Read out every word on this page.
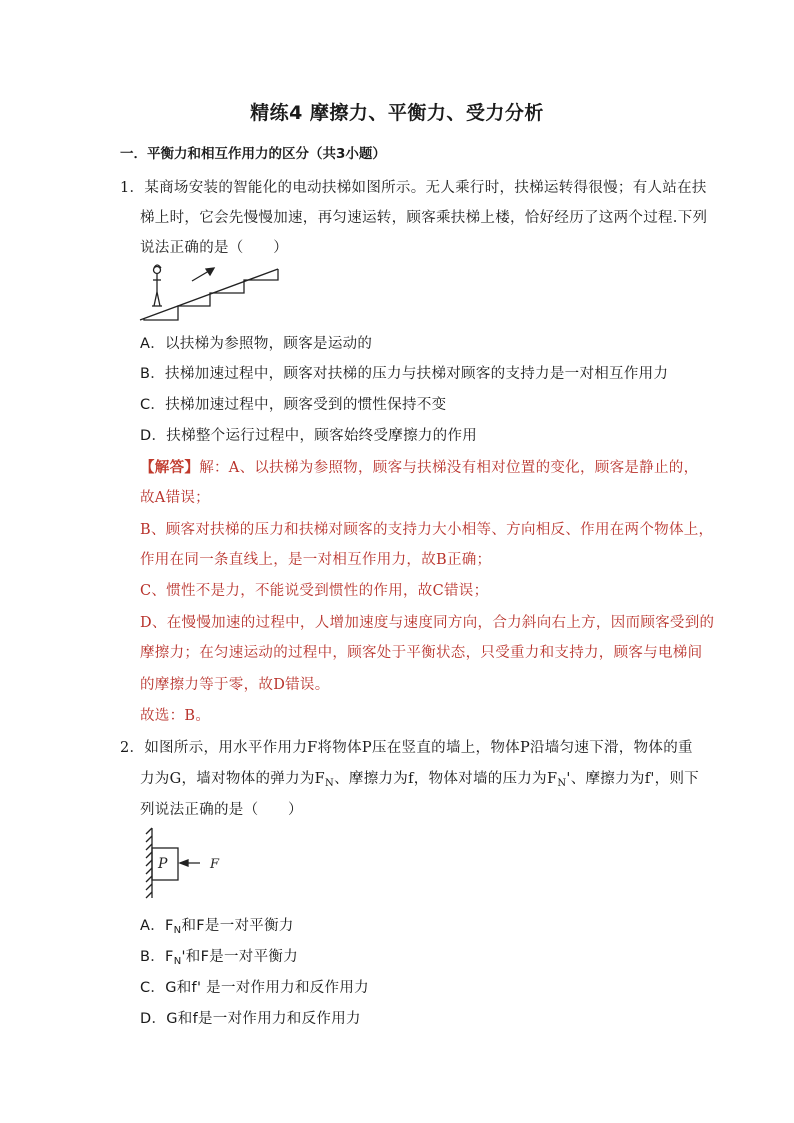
精练4 摩擦力、平衡力、受力分析
一．平衡力和相互作用力的区分（共3小题）
1．某商场安装的智能化的电动扶梯如图所示。无人乘行时，扶梯运转得很慢；有人站在扶
梯上时，它会先慢慢加速，再匀速运转，顾客乘扶梯上楼，恰好经历了这两个过程.下列
说法正确的是（　　）
A．以扶梯为参照物，顾客是运动的
B．扶梯加速过程中，顾客对扶梯的压力与扶梯对顾客的支持力是一对相互作用力
C．扶梯加速过程中，顾客受到的惯性保持不变
D．扶梯整个运行过程中，顾客始终受摩擦力的作用
【解答】解：A、以扶梯为参照物，顾客与扶梯没有相对位置的变化，顾客是静止的，
故A错误；
B、顾客对扶梯的压力和扶梯对顾客的支持力大小相等、方向相反、作用在两个物体上，
作用在同一条直线上，是一对相互作用力，故B正确；
C、惯性不是力，不能说受到惯性的作用，故C错误；
D、在慢慢加速的过程中，人增加速度与速度同方向，合力斜向右上方，因而顾客受到的
摩擦力；在匀速运动的过程中，顾客处于平衡状态，只受重力和支持力，顾客与电梯间
的摩擦力等于零，故D错误。
故选：B。
2．如图所示，用水平作用力F将物体P压在竖直的墙上，物体P沿墙匀速下滑，物体的重
力为G，墙对物体的弹力为$F_N$、摩擦力为f，物体对墙的压力为$F_N'$、摩擦力为f'，则下
列说法正确的是（　　）
P	F
A．$F_N$和F是一对平衡力
B．$F_N'$和F是一对平衡力
C．G和f' 是一对作用力和反作用力
D．G和f是一对作用力和反作用力
